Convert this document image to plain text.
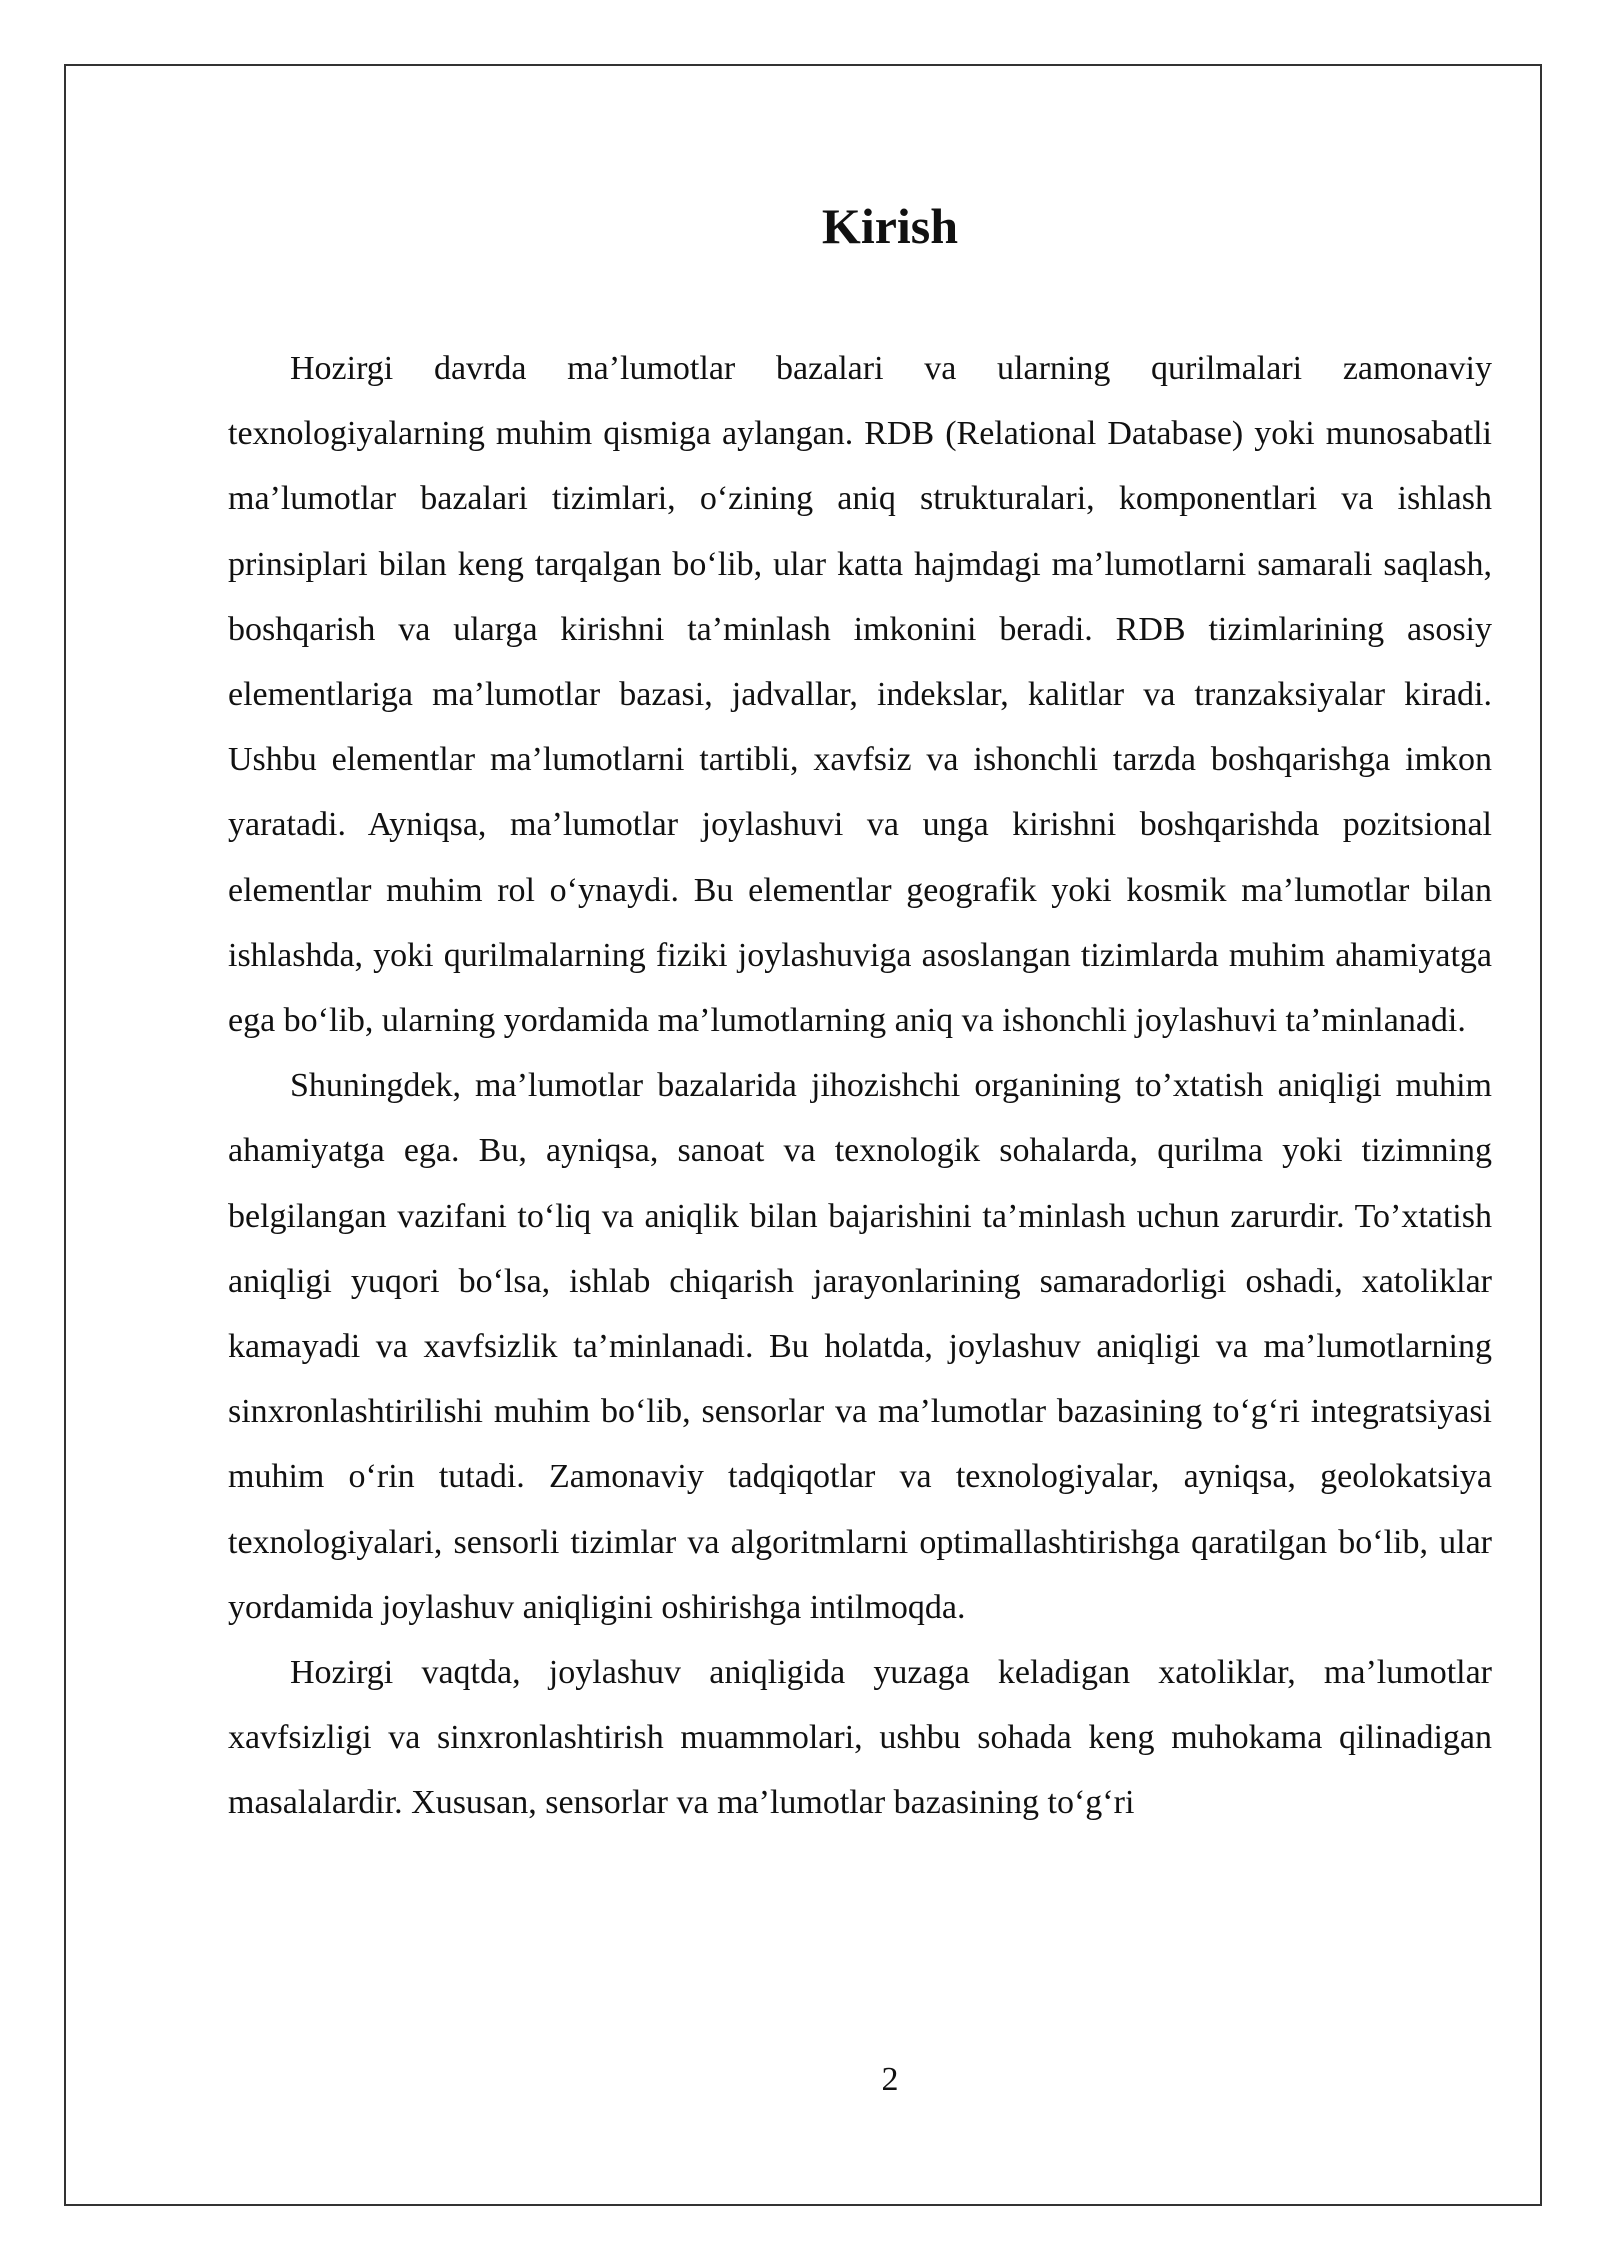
Kirish

Hozirgi davrda ma’lumotlar bazalari va ularning qurilmalari zamonaviy texnologiyalarning muhim qismiga aylangan. RDB (Relational Database) yoki munosabatli ma’lumotlar bazalari tizimlari, o‘zining aniq strukturalari, komponentlari va ishlash prinsiplari bilan keng tarqalgan bo‘lib, ular katta hajmdagi ma’lumotlarni samarali saqlash, boshqarish va ularga kirishni ta’minlash imkonini beradi. RDB tizimlarining asosiy elementlariga ma’lumotlar bazasi, jadvallar, indekslar, kalitlar va tranzaksiyalar kiradi. Ushbu elementlar ma’lumotlarni tartibli, xavfsiz va ishonchli tarzda boshqarishga imkon yaratadi. Ayniqsa, ma’lumotlar joylashuvi va unga kirishni boshqarishda pozitsional elementlar muhim rol o‘ynaydi. Bu elementlar geografik yoki kosmik ma’lumotlar bilan ishlashda, yoki qurilmalarning fiziki joylashuviga asoslangan tizimlarda muhim ahamiyatga ega bo‘lib, ularning yordamida ma’lumotlarning aniq va ishonchli joylashuvi ta’minlanadi.

Shuningdek, ma’lumotlar bazalarida jihozishchi organining to’xtatish aniqligi muhim ahamiyatga ega. Bu, ayniqsa, sanoat va texnologik sohalarda, qurilma yoki tizimning belgilangan vazifani to‘liq va aniqlik bilan bajarishini ta’minlash uchun zarurdir. To’xtatish aniqligi yuqori bo‘lsa, ishlab chiqarish jarayonlarining samaradorligi oshadi, xatoliklar kamayadi va xavfsizlik ta’minlanadi. Bu holatda, joylashuv aniqligi va ma’lumotlarning sinxronlashtirilishi muhim bo‘lib, sensorlar va ma’lumotlar bazasining to‘g‘ri integratsiyasi muhim o‘rin tutadi. Zamonaviy tadqiqotlar va texnologiyalar, ayniqsa, geolokatsiya texnologiyalari, sensorli tizimlar va algoritmlarni optimallashtirishga qaratilgan bo‘lib, ular yordamida joylashuv aniqligini oshirishga intilmoqda.

Hozirgi vaqtda, joylashuv aniqligida yuzaga keladigan xatoliklar, ma’lumotlar xavfsizligi va sinxronlashtirish muammolari, ushbu sohada keng muhokama qilinadigan masalalardir. Xususan, sensorlar va ma’lumotlar bazasining to‘g‘ri

2
